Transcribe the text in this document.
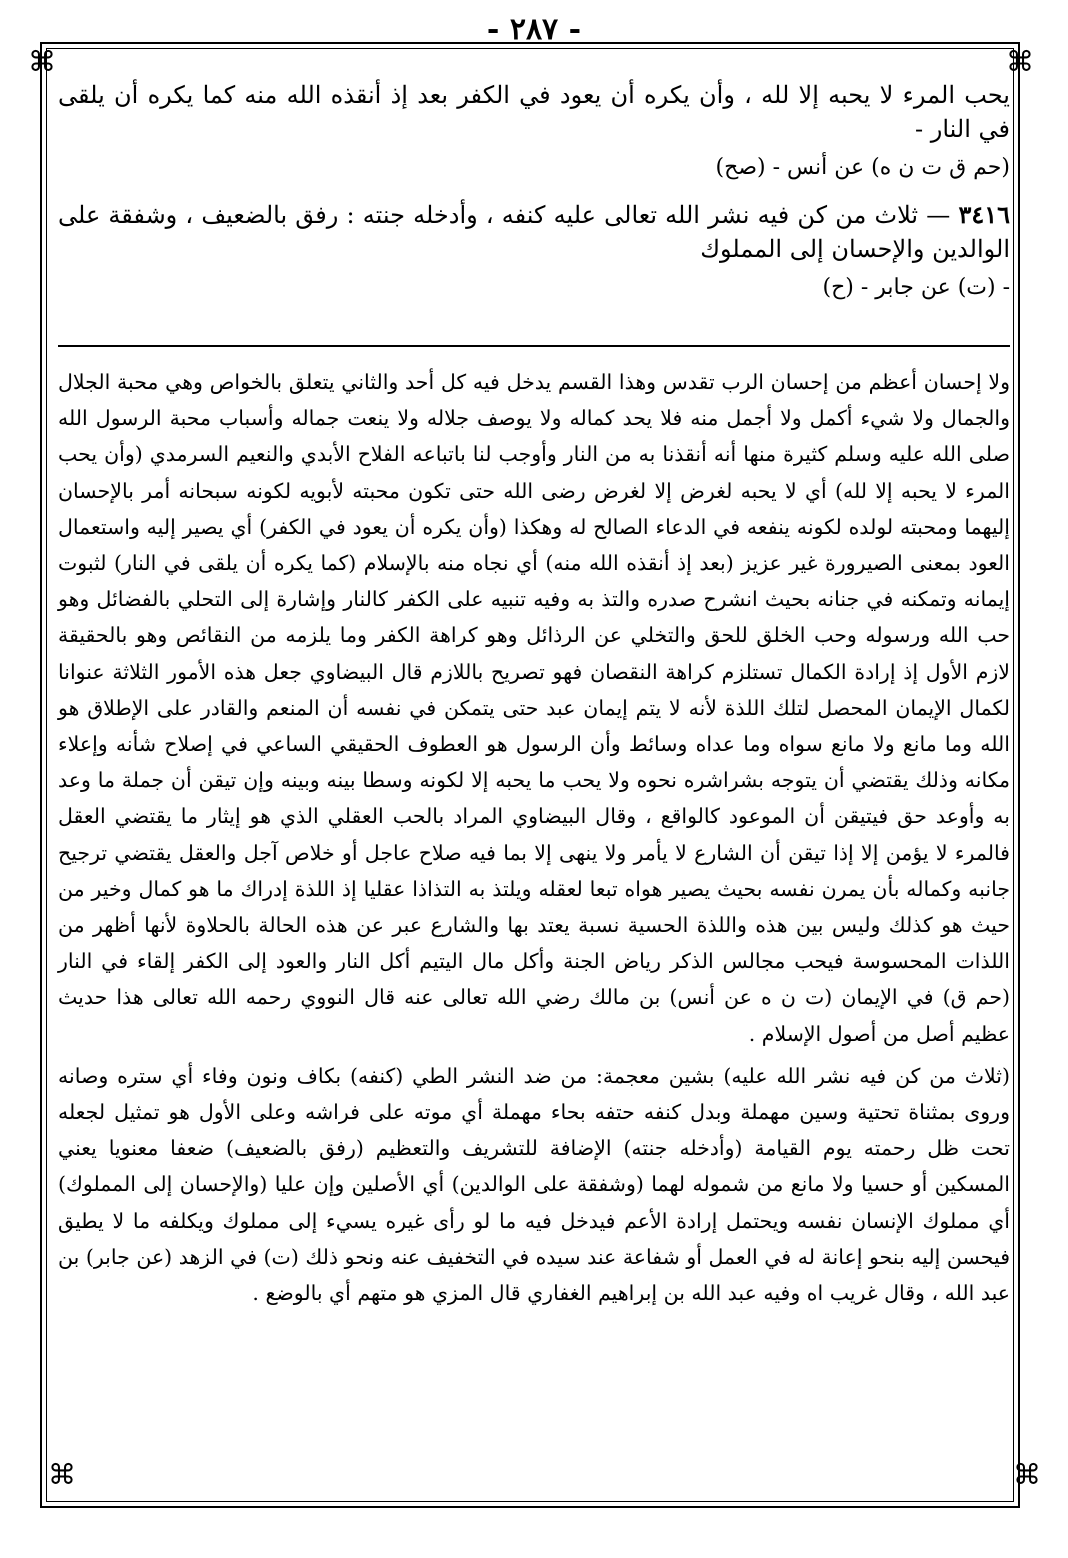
- ٢٨٧ -
⌘	⌘
⌘	⌘

يحب المرء لا يحبه إلا لله ، وأن يكره أن يعود في الكفر بعد إذ أنقذه الله منه كما يكره أن يلقى في النار -

(حم ق ت ن ه) عن أنس - (صح)

٣٤١٦ — ثلاث من كن فيه نشر الله تعالى عليه كنفه ، وأدخله جنته : رفق بالضعيف ، وشفقة على الوالدين والإحسان إلى المملوك

- (ت) عن جابر - (ح)

ولا إحسان أعظم من إحسان الرب تقدس وهذا القسم يدخل فيه كل أحد والثاني يتعلق بالخواص وهي محبة الجلال والجمال ولا شيء أكمل ولا أجمل منه فلا يحد كماله ولا يوصف جلاله ولا ينعت جماله وأسباب محبة الرسول الله صلى الله عليه وسلم كثيرة منها أنه أنقذنا به من النار وأوجب لنا باتباعه الفلاح الأبدي والنعيم السرمدي (وأن يحب المرء لا يحبه إلا لله) أي لا يحبه لغرض إلا لغرض رضى الله حتى تكون محبته لأبويه لكونه سبحانه أمر بالإحسان إليهما ومحبته لولده لكونه ينفعه في الدعاء الصالح له وهكذا (وأن يكره أن يعود في الكفر) أي يصير إليه واستعمال العود بمعنى الصيرورة غير عزيز (بعد إذ أنقذه الله منه) أي نجاه منه بالإسلام (كما يكره أن يلقى في النار) لثبوت إيمانه وتمكنه في جنانه بحيث انشرح صدره والتذ به وفيه تنبيه على الكفر كالنار وإشارة إلى التحلي بالفضائل وهو حب الله ورسوله وحب الخلق للحق والتخلي عن الرذائل وهو كراهة الكفر وما يلزمه من النقائص وهو بالحقيقة لازم الأول إذ إرادة الكمال تستلزم كراهة النقصان فهو تصريح باللازم قال البيضاوي جعل هذه الأمور الثلاثة عنوانا لكمال الإيمان المحصل لتلك اللذة لأنه لا يتم إيمان عبد حتى يتمكن في نفسه أن المنعم والقادر على الإطلاق هو الله وما مانع ولا مانع سواه وما عداه وسائط وأن الرسول هو العطوف الحقيقي الساعي في إصلاح شأنه وإعلاء مكانه وذلك يقتضي أن يتوجه بشراشره نحوه ولا يحب ما يحبه إلا لكونه وسطا بينه وبينه وإن تيقن أن جملة ما وعد به وأوعد حق فيتيقن أن الموعود كالواقع ، وقال البيضاوي المراد بالحب العقلي الذي هو إيثار ما يقتضي العقل فالمرء لا يؤمن إلا إذا تيقن أن الشارع لا يأمر ولا ينهى إلا بما فيه صلاح عاجل أو خلاص آجل والعقل يقتضي ترجيح جانبه وكماله بأن يمرن نفسه بحيث يصير هواه تبعا لعقله ويلتذ به التذاذا عقليا إذ اللذة إدراك ما هو كمال وخير من حيث هو كذلك وليس بين هذه واللذة الحسية نسبة يعتد بها والشارع عبر عن هذه الحالة بالحلاوة لأنها أظهر من اللذات المحسوسة فيحب مجالس الذكر رياض الجنة وأكل مال اليتيم أكل النار والعود إلى الكفر إلقاء في النار (حم ق) في الإيمان (ت ن ه عن أنس) بن مالك رضي الله تعالى عنه قال النووي رحمه الله تعالى هذا حديث عظيم أصل من أصول الإسلام .

(ثلاث من كن فيه نشر الله عليه) بشين معجمة: من ضد النشر الطي (كنفه) بكاف ونون وفاء أي ستره وصانه وروى بمثناة تحتية وسين مهملة وبدل كنفه حتفه بحاء مهملة أي موته على فراشه وعلى الأول هو تمثيل لجعله تحت ظل رحمته يوم القيامة (وأدخله جنته) الإضافة للتشريف والتعظيم (رفق بالضعيف) ضعفا معنويا يعني المسكين أو حسيا ولا مانع من شموله لهما (وشفقة على الوالدين) أي الأصلين وإن عليا (والإحسان إلى المملوك) أي مملوك الإنسان نفسه ويحتمل إرادة الأعم فيدخل فيه ما لو رأى غيره يسيء إلى مملوك ويكلفه ما لا يطيق فيحسن إليه بنحو إعانة له في العمل أو شفاعة عند سيده في التخفيف عنه ونحو ذلك (ت) في الزهد (عن جابر) بن عبد الله ، وقال غريب اه وفيه عبد الله بن إبراهيم الغفاري قال المزي هو متهم أي بالوضع .
